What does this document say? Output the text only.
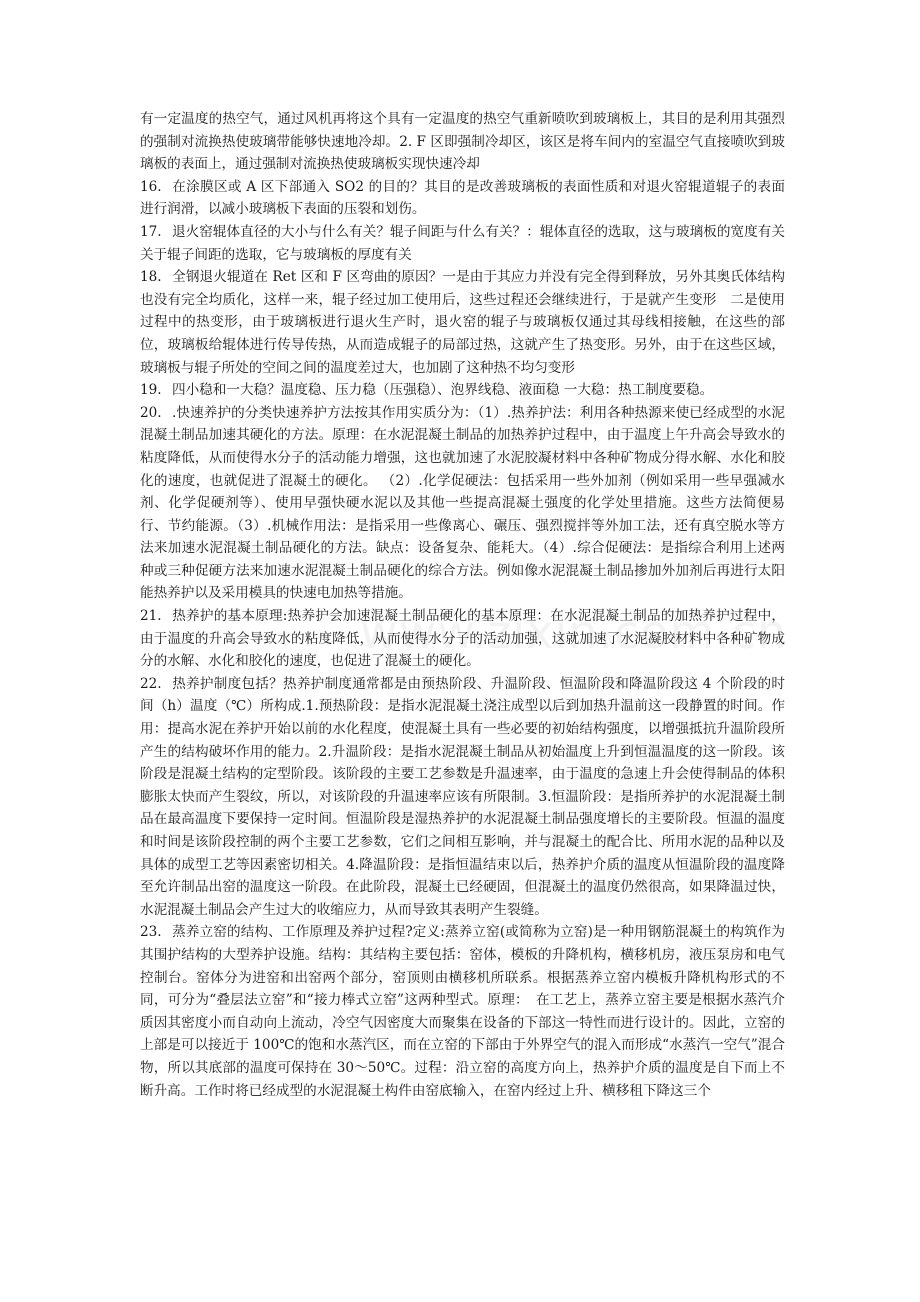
有一定温度的热空气，通过风机再将这个具有一定温度的热空气重新喷吹到玻璃板上，其目的是利用其强烈的强制对流换热使玻璃带能够快速地冷却。2. F 区即强制冷却区，该区是将车间内的室温空气直接喷吹到玻璃板的表面上，通过强制对流换热使玻璃板实现快速冷却

16. 在涂膜区或 A 区下部通入 SO2 的目的？其目的是改善玻璃板的表面性质和对退火窑辊道辊子的表面进行润滑，以减小玻璃板下表面的压裂和划伤。

17. 退火窑辊体直径的大小与什么有关？辊子间距与什么有关？：辊体直径的选取，这与玻璃板的宽度有关　 关于辊子间距的选取，它与玻璃板的厚度有关

18. 全钢退火辊道在 Ret 区和 F 区弯曲的原因？一是由于其应力并没有完全得到释放，另外其奥氏体结构也没有完全均质化，这样一来，辊子经过加工使用后，这些过程还会继续进行，于是就产生变形　二是使用过程中的热变形，由于玻璃板进行退火生产时，退火窑的辊子与玻璃板仅通过其母线相接触，在这些的部位，玻璃板给辊体进行传导传热，从而造成辊子的局部过热，这就产生了热变形。另外，由于在这些区域，玻璃板与辊子所处的空间之间的温度差过大，也加剧了这种热不均匀变形

19. 四小稳和一大稳？温度稳、压力稳（压强稳）、泡界线稳、液面稳 一大稳：热工制度要稳。

20. .快速养护的分类快速养护方法按其作用实质分为：（1）.热养护法：利用各种热源来使已经成型的水泥混凝土制品加速其硬化的方法。原理：在水泥混凝土制品的加热养护过程中，由于温度上午升高会导致水的粘度降低，从而使得水分子的活动能力增强，这也就加速了水泥胶凝材料中各种矿物成分得水解、水化和胶化的速度，也就促进了混凝土的硬化。 （2）.化学促硬法：包括采用一些外加剂（例如采用一些早强减水剂、化学促硬剂等）、使用早强快硬水泥以及其他一些提高混凝土强度的化学处里措施。这些方法简便易行、节约能源。（3）.机械作用法：是指采用一些像离心、碾压、强烈搅拌等外加工法，还有真空脱水等方法来加速水泥混凝土制品硬化的方法。缺点：设备复杂、能耗大。（4）.综合促硬法：是指综合利用上述两种或三种促硬方法来加速水泥混凝土制品硬化的综合方法。例如像水泥混凝土制品掺加外加剂后再进行太阳能热养护以及采用模具的快速电加热等措施。

21. 热养护的基本原理:热养护会加速混凝土制品硬化的基本原理：在水泥混凝土制品的加热养护过程中，由于温度的升高会导致水的粘度降低，从而使得水分子的活动加强，这就加速了水泥凝胶材料中各种矿物成分的水解、水化和胶化的速度，也促进了混凝土的硬化。

22. 热养护制度包括？热养护制度通常都是由预热阶段、升温阶段、恒温阶段和降温阶段这 4 个阶段的时间（h）温度（℃）所构成.1.预热阶段：是指水泥混凝土浇注成型以后到加热升温前这一段静置的时间。作用：提高水泥在养护开始以前的水化程度，使混凝土具有一些必要的初始结构强度，以增强抵抗升温阶段所产生的结构破坏作用的能力。2.升温阶段：是指水泥混凝土制品从初始温度上升到恒温温度的这一阶段。该阶段是混凝土结构的定型阶段。该阶段的主要工艺参数是升温速率，由于温度的急速上升会使得制品的体积膨胀太快而产生裂纹，所以，对该阶段的升温速率应该有所限制。3.恒温阶段：是指所养护的水泥混凝土制品在最高温度下要保持一定时间。恒温阶段是湿热养护的水泥混凝土制品强度增长的主要阶段。恒温的温度和时间是该阶段控制的两个主要工艺参数，它们之间相互影响，并与混凝土的配合比、所用水泥的品种以及具体的成型工艺等因素密切相关。4.降温阶段：是指恒温结束以后，热养护介质的温度从恒温阶段的温度降至允许制品出窑的温度这一阶段。在此阶段，混凝土已经硬固，但混凝土的温度仍然很高，如果降温过快，水泥混凝土制品会产生过大的收缩应力，从而导致其表明产生裂缝。

23. 蒸养立窑的结构、工作原理及养护过程?定义:蒸养立窑(或简称为立窑)是一种用钢筋混凝土的构筑作为其围护结构的大型养护设施。结构：其结构主要包括：窑体，模板的升降机构，横移机房，液压泵房和电气控制台。窑体分为进窑和出窑两个部分，窑顶则由横移机所联系。根据蒸养立窑内模板升降机构形式的不同，可分为“叠层法立窑”和“接力棒式立窑”这两种型式。原理：　在工艺上，蒸养立窑主要是根据水蒸汽介质因其密度小而自动向上流动，冷空气因密度大而聚集在设备的下部这一特性而进行设计的。因此，立窑的上部是可以接近于 100℃的饱和水蒸汽区，而在立窑的下部由于外界空气的混入而形成“水蒸汽一空气”混合物，所以其底部的温度可保持在 30～50℃。过程：沿立窑的高度方向上，热养护介质的温度是自下而上不断升高。工作时将已经成型的水泥混凝土构件由窑底输入，在窑内经过上升、横移租下降这三个
